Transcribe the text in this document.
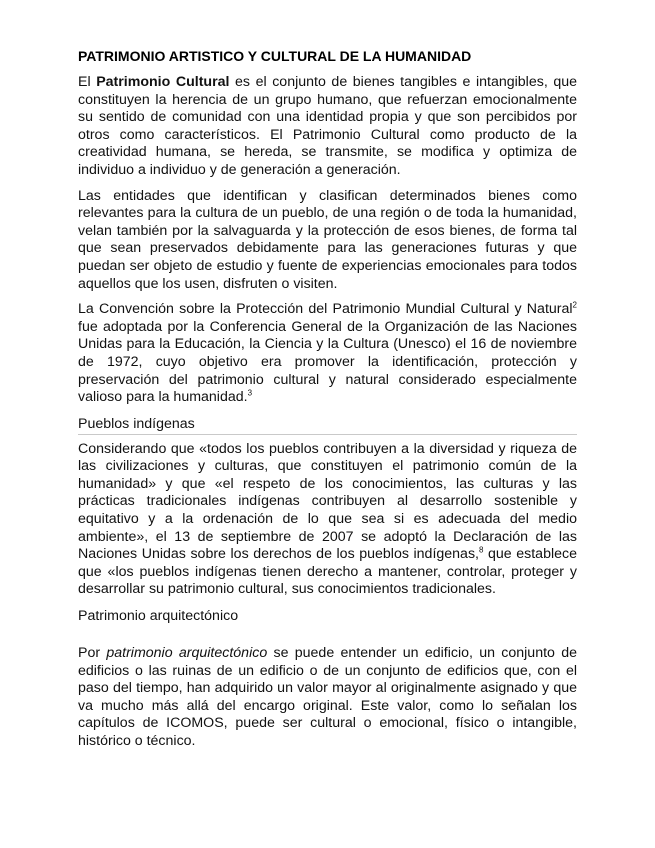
PATRIMONIO ARTISTICO Y CULTURAL DE LA HUMANIDAD

El Patrimonio Cultural es el conjunto de bienes tangibles e intangibles, que constituyen la herencia de un grupo humano, que refuerzan emocionalmente su sentido de comunidad con una identidad propia y que son percibidos por otros como característicos. El Patrimonio Cultural como producto de la creatividad humana, se hereda, se transmite, se modifica y optimiza de individuo a individuo y de generación a generación.

Las entidades que identifican y clasifican determinados bienes como relevantes para la cultura de un pueblo, de una región o de toda la humanidad, velan también por la salvaguarda y la protección de esos bienes, de forma tal que sean preservados debidamente para las generaciones futuras y que puedan ser objeto de estudio y fuente de experiencias emocionales para todos aquellos que los usen, disfruten o visiten.

La Convención sobre la Protección del Patrimonio Mundial Cultural y Natural$^2$ fue adoptada por la Conferencia General de la Organización de las Naciones Unidas para la Educación, la Ciencia y la Cultura (Unesco) el 16 de noviembre de 1972, cuyo objetivo era promover la identificación, protección y preservación del patrimonio cultural y natural considerado especialmente valioso para la humanidad.$^3$

Pueblos indígenas

Considerando que «todos los pueblos contribuyen a la diversidad y riqueza de las civilizaciones y culturas, que constituyen el patrimonio común de la humanidad» y que «el respeto de los conocimientos, las culturas y las prácticas tradicionales indígenas contribuyen al desarrollo sostenible y equitativo y a la ordenación de lo que sea si es adecuada del medio ambiente», el 13 de septiembre de 2007 se adoptó la Declaración de las Naciones Unidas sobre los derechos de los pueblos indígenas,$^8$ que establece que «los pueblos indígenas tienen derecho a mantener, controlar, proteger y desarrollar su patrimonio cultural, sus conocimientos tradicionales.

Patrimonio arquitectónico

Por patrimonio arquitectónico se puede entender un edificio, un conjunto de edificios o las ruinas de un edificio o de un conjunto de edificios que, con el paso del tiempo, han adquirido un valor mayor al originalmente asignado y que va mucho más allá del encargo original. Este valor, como lo señalan los capítulos de ICOMOS, puede ser cultural o emocional, físico o intangible, histórico o técnico.
